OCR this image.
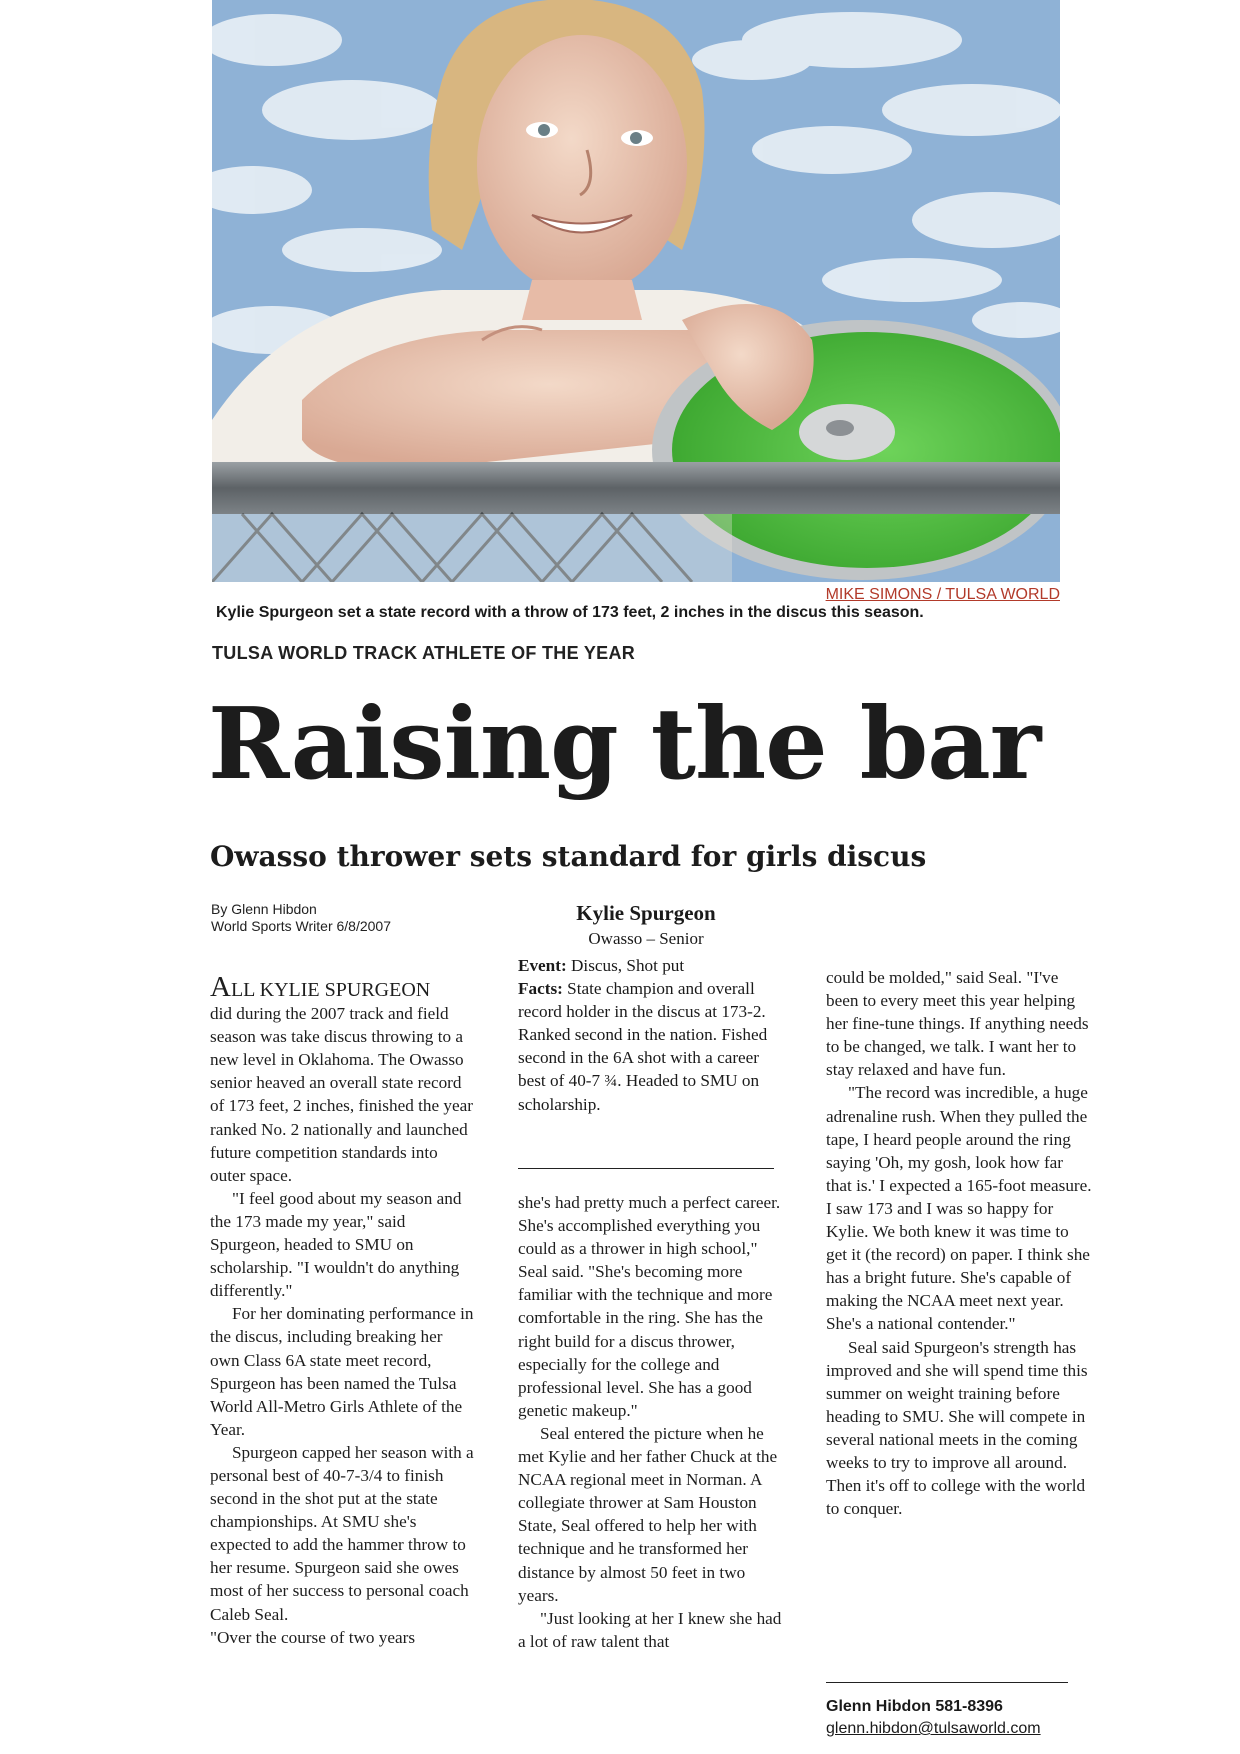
MIKE SIMONS / TULSA WORLD
Kylie Spurgeon set a state record with a throw of 173 feet, 2 inches in the discus this season.
TULSA WORLD TRACK ATHLETE OF THE YEAR
Raising the bar
Owasso thrower sets standard for girls discus
By Glenn Hibdon
World Sports Writer 6/8/2007

ALL KYLIE SPURGEON
did during the 2007 track and field season was take discus throwing to a new level in Oklahoma. The Owasso senior heaved an overall state record of 173 feet, 2 inches, finished the year ranked No. 2 nationally and launched future competition standards into outer space.

"I feel good about my season and the 173 made my year," said Spurgeon, headed to SMU on scholarship. "I wouldn't do anything differently."

For her dominating performance in the discus, including breaking her own Class 6A state meet record, Spurgeon has been named the Tulsa World All-Metro Girls Athlete of the Year.

Spurgeon capped her season with a personal best of 40-7-3/4 to finish second in the shot put at the state championships. At SMU she's expected to add the hammer throw to her resume. Spurgeon said she owes most of her success to personal coach Caleb Seal.

"Over the course of two years

Kylie Spurgeon
Owasso – Senior
Event: Discus, Shot put
Facts: State champion and overall record holder in the discus at 173-2. Ranked second in the nation. Fished second in the 6A shot with a career best of 40-7 ¾. Headed to SMU on scholarship.

she's had pretty much a perfect career. She's accomplished everything you could as a thrower in high school," Seal said. "She's becoming more familiar with the technique and more comfortable in the ring. She has the right build for a discus thrower, especially for the college and professional level. She has a good genetic makeup."

Seal entered the picture when he met Kylie and her father Chuck at the NCAA regional meet in Norman. A collegiate thrower at Sam Houston State, Seal offered to help her with technique and he transformed her distance by almost 50 feet in two years.

"Just looking at her I knew she had a lot of raw talent that

could be molded," said Seal. "I've been to every meet this year helping her fine-tune things. If anything needs to be changed, we talk. I want her to stay relaxed and have fun.

"The record was incredible, a huge adrenaline rush. When they pulled the tape, I heard people around the ring saying 'Oh, my gosh, look how far that is.' I expected a 165-foot measure. I saw 173 and I was so happy for Kylie. We both knew it was time to get it (the record) on paper. I think she has a bright future. She's capable of making the NCAA meet next year. She's a national contender."

Seal said Spurgeon's strength has improved and she will spend time this summer on weight training before heading to SMU. She will compete in several national meets in the coming weeks to try to improve all around. Then it's off to college with the world to conquer.

Glenn Hibdon 581-8396
glenn.hibdon@tulsaworld.com
